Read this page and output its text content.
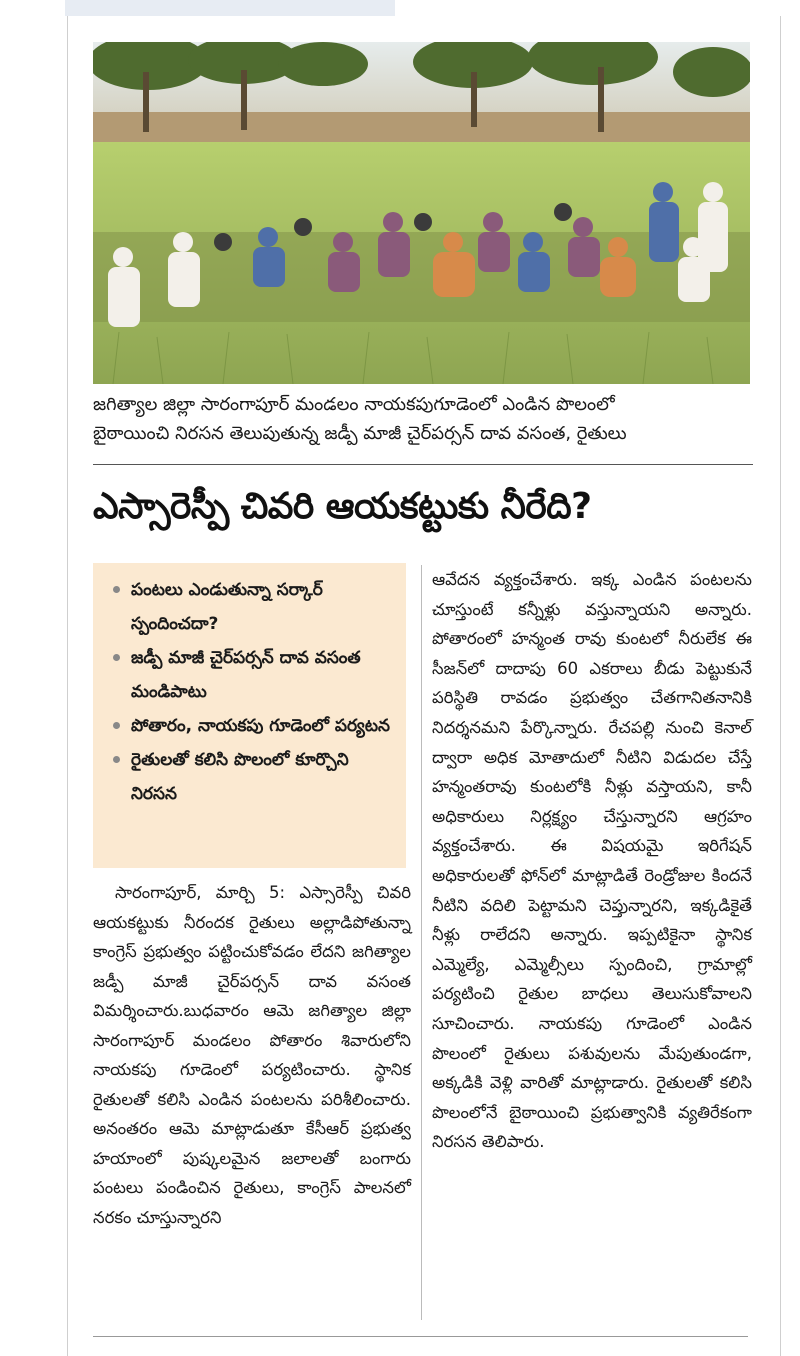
జగిత్యాల జిల్లా సారంగాపూర్ మండలం నాయకపుగూడెంలో ఎండిన పొలంలో
బైఠాయించి నిరసన తెలుపుతున్న జడ్పీ మాజీ చైర్‌పర్సన్ దావ వసంత, రైతులు
ఎస్సారెస్పీ చివరి ఆయకట్టుకు నీరేది?
పంటలు ఎండుతున్నా సర్కార్ స్పందించదా?
జడ్పీ మాజీ చైర్‌పర్సన్ దావ వసంత మండిపాటు
పోతారం, నాయకపు గూడెంలో పర్యటన
రైతులతో కలిసి పొలంలో కూర్చొని నిరసన
సారంగాపూర్, మార్చి 5: ఎస్సారెస్పీ చివరి ఆయకట్టుకు నీరందక రైతులు అల్లాడిపోతున్నా కాంగ్రెస్ ప్రభుత్వం పట్టించుకోవడం లేదని జగిత్యాల జడ్పీ మాజీ చైర్‌పర్సన్ దావ వసంత విమర్శించారు.బుధవారం ఆమె జగిత్యాల జిల్లా సారంగాపూర్ మండలం పోతారం శివారులోని నాయకపు గూడెంలో పర్యటించారు. స్థానిక రైతులతో కలిసి ఎండిన పంటలను పరిశీలించారు. అనంతరం ఆమె మాట్లాడుతూ కేసీఆర్ ప్రభుత్వ హయాంలో పుష్కలమైన జలాలతో బంగారు పంటలు పండించిన రైతులు, కాంగ్రెస్ పాలనలో నరకం చూస్తున్నారని
ఆవేదన వ్యక్తంచేశారు. ఇక్క ఎండిన పంటలను చూస్తుంటే కన్నీళ్లు వస్తున్నాయని అన్నారు. పోతారంలో హన్మంత రావు కుంటలో నీరులేక ఈ సీజన్‌లో దాదాపు 60 ఎకరాలు బీడు పెట్టుకునే పరిస్థితి రావడం ప్రభుత్వం చేతగానితనానికి నిదర్శనమని పేర్కొన్నారు. రేచపల్లి నుంచి కెనాల్ ద్వారా అధిక మోతాదులో నీటిని విడుదల చేస్తే హన్మంతరావు కుంటలోకి నీళ్లు వస్తాయని, కానీ అధికారులు నిర్లక్ష్యం చేస్తున్నారని ఆగ్రహం వ్యక్తంచేశారు. ఈ విషయమై ఇరిగేషన్ అధికారులతో ఫోన్‌లో మాట్లాడితే రెండ్రోజుల కిందనే నీటిని వదిలి పెట్టామని చెప్తున్నారని, ఇక్కడికైతే నీళ్లు రాలేదని అన్నారు. ఇప్పటికైనా స్థానిక ఎమ్మెల్యే, ఎమ్మెల్సీలు స్పందించి, గ్రామాల్లో పర్యటించి రైతుల బాధలు తెలుసుకోవాలని సూచించారు. నాయకపు గూడెంలో ఎండిన పొలంలో రైతులు పశువులను మేపుతుండగా, అక్కడికి వెళ్లి వారితో మాట్లాడారు. రైతులతో కలిసి పొలంలోనే బైఠాయించి ప్రభుత్వానికి వ్యతిరేకంగా నిరసన తెలిపారు.
